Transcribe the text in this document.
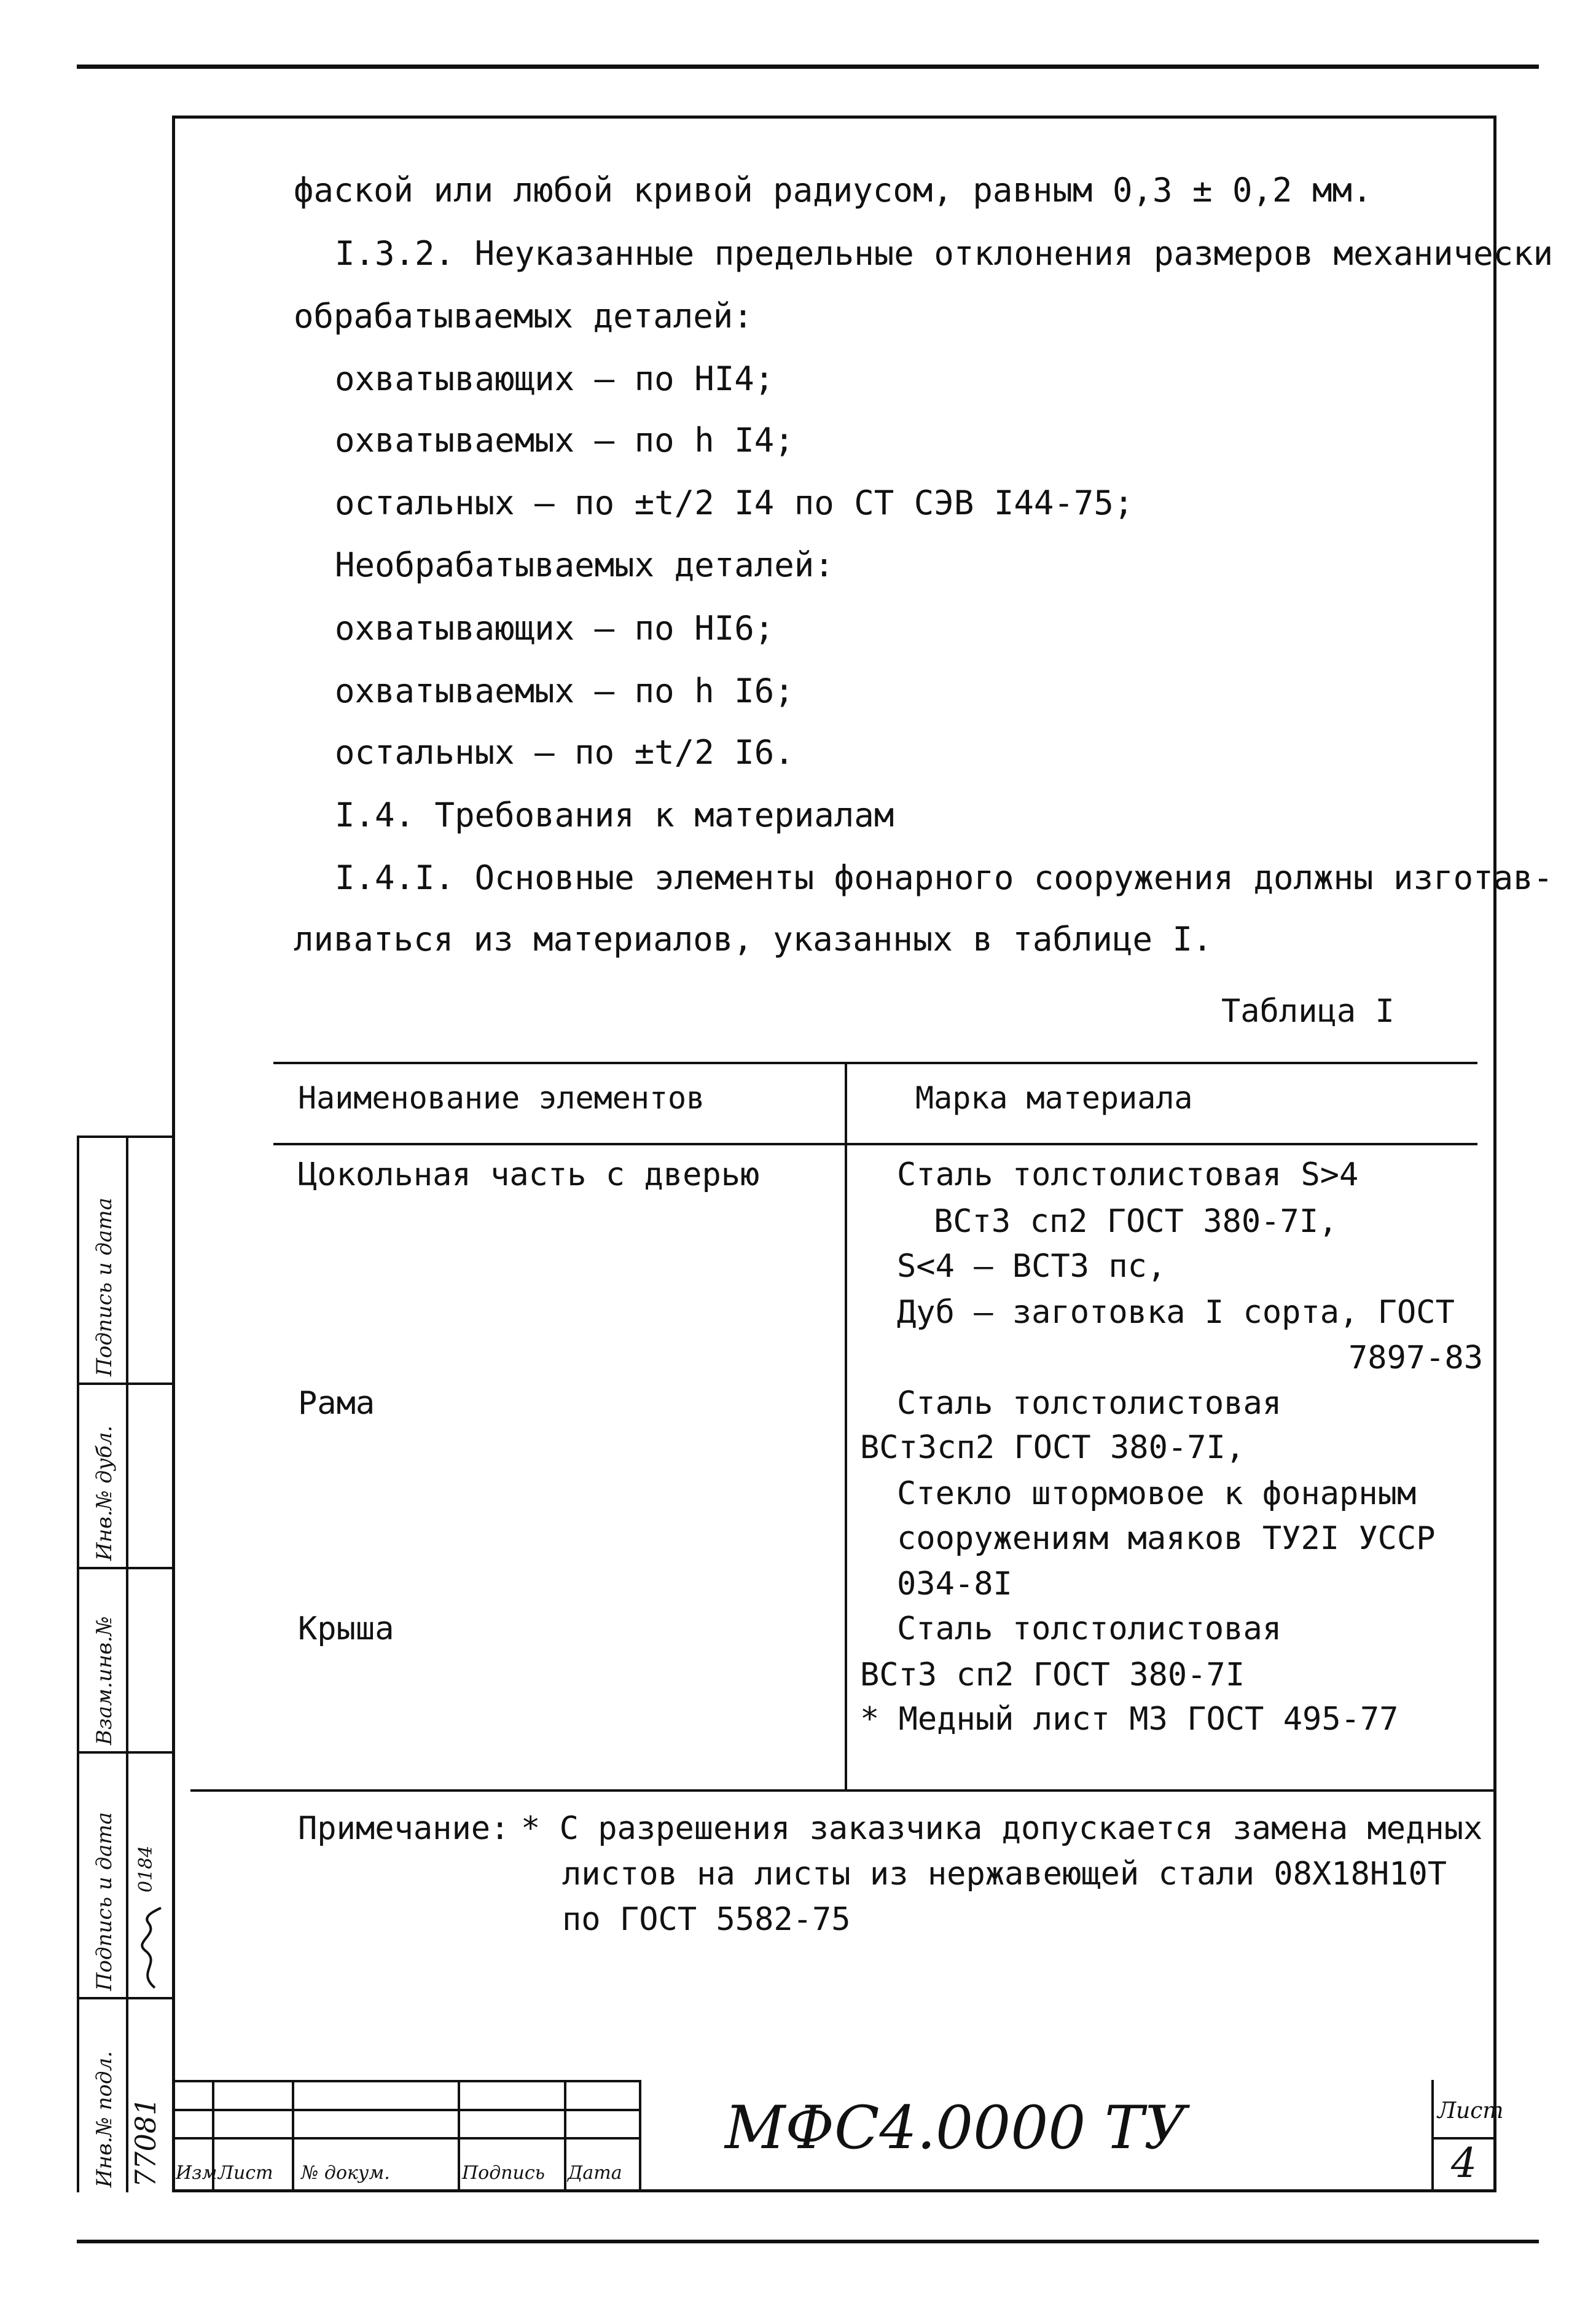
фаской или любой кривой радиусом, равным 0,3 ± 0,2 мм.
I.3.2. Неуказанные предельные отклонения размеров механически
обрабатываемых деталей:
охватывающих – по HI4;
охватываемых – по h I4;
остальных – по ±t/2 I4 по СТ СЭВ I44-75;
Необрабатываемых деталей:
охватывающих – по HI6;
охватываемых – по h I6;
остальных – по ±t/2 I6.
I.4. Требования к материалам
I.4.I. Основные элементы фонарного сооружения должны изготав-
ливаться из материалов, указанных в таблице I.
Таблица I
Наименование элементов	Марка материала
Цокольная часть с дверью	Сталь толстолистовая S>4
ВСт3 сп2 ГОСТ 380-7I,
S<4 – ВСТ3 пс,
Дуб – заготовка I сорта, ГОСТ
7897-83
Рама	Сталь толстолистовая
ВСт3сп2 ГОСТ 380-7I,
Стекло штормовое к фонарным
сооружениям маяков ТУ2I УССР
034-8I
Крыша	Сталь толстолистовая
ВСт3 сп2 ГОСТ 380-7I
* Медный лист М3 ГОСТ 495-77
Примечание: * С разрешения заказчика допускается замена медных
листов на листы из нержавеющей стали 08Х18Н10Т
по ГОСТ 5582-75
Инв.№ подл. 77081
Подпись и дата 0184
Взам.инв.№
Инв.№ дубл.
Подпись и дата
Изм Лист № докум.	Подпись Дата
МФС4.0000 ТУ	Лист
4
